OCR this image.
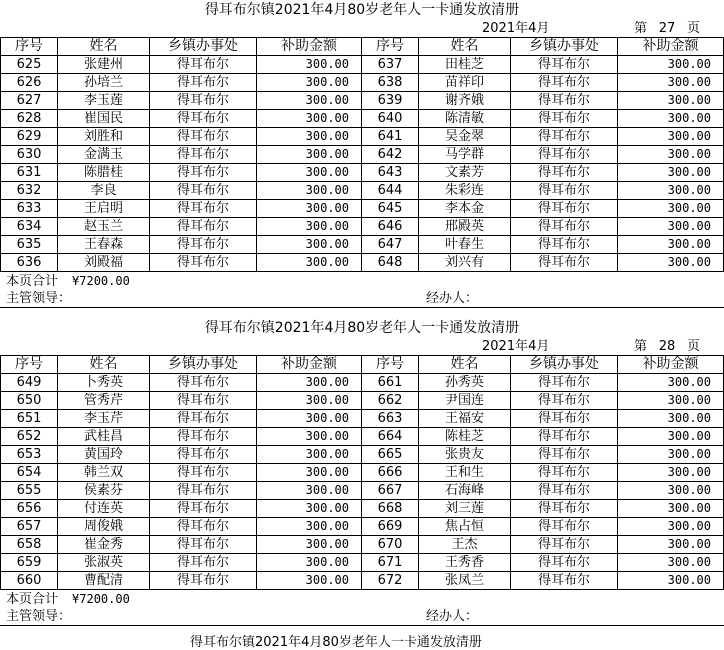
得耳布尔镇2021年4月80岁老年人一卡通发放清册
2021年4月	第 27 页
序号	姓名	乡镇办事处	补助金额	序号	姓名	乡镇办事处	补助金额
625	张建州	得耳布尔	300.00	637	田桂芝	得耳布尔	300.00
626	孙培兰	得耳布尔	300.00	638	苗祥印	得耳布尔	300.00
627	李玉莲	得耳布尔	300.00	639	谢齐娥	得耳布尔	300.00
628	崔国民	得耳布尔	300.00	640	陈清敏	得耳布尔	300.00
629	刘胜和	得耳布尔	300.00	641	吴金翠	得耳布尔	300.00
630	金满玉	得耳布尔	300.00	642	马学群	得耳布尔	300.00
631	陈腊桂	得耳布尔	300.00	643	文素芳	得耳布尔	300.00
632	李良	得耳布尔	300.00	644	朱彩连	得耳布尔	300.00
633	王启明	得耳布尔	300.00	645	李本金	得耳布尔	300.00
634	赵玉兰	得耳布尔	300.00	646	邢殿英	得耳布尔	300.00
635	王春森	得耳布尔	300.00	647	叶春生	得耳布尔	300.00
636	刘殿福	得耳布尔	300.00	648	刘兴有	得耳布尔	300.00
本页合计 ¥7200.00
主管领导：	经办人：
得耳布尔镇2021年4月80岁老年人一卡通发放清册
2021年4月	第 28 页
序号	姓名	乡镇办事处	补助金额	序号	姓名	乡镇办事处	补助金额
649	卜秀英	得耳布尔	300.00	661	孙秀英	得耳布尔	300.00
650	管秀芹	得耳布尔	300.00	662	尹国连	得耳布尔	300.00
651	李玉芹	得耳布尔	300.00	663	王福安	得耳布尔	300.00
652	武桂昌	得耳布尔	300.00	664	陈桂芝	得耳布尔	300.00
653	黄国玲	得耳布尔	300.00	665	张贵友	得耳布尔	300.00
654	韩兰双	得耳布尔	300.00	666	王和生	得耳布尔	300.00
655	侯素芬	得耳布尔	300.00	667	石海峰	得耳布尔	300.00
656	付连英	得耳布尔	300.00	668	刘三莲	得耳布尔	300.00
657	周俊娥	得耳布尔	300.00	669	焦占恒	得耳布尔	300.00
658	崔金秀	得耳布尔	300.00	670	王杰	得耳布尔	300.00
659	张淑英	得耳布尔	300.00	671	王秀香	得耳布尔	300.00
660	曹配清	得耳布尔	300.00	672	张凤兰	得耳布尔	300.00
本页合计 ¥7200.00
主管领导：	经办人：
得耳布尔镇2021年4月80岁老年人一卡通发放清册
